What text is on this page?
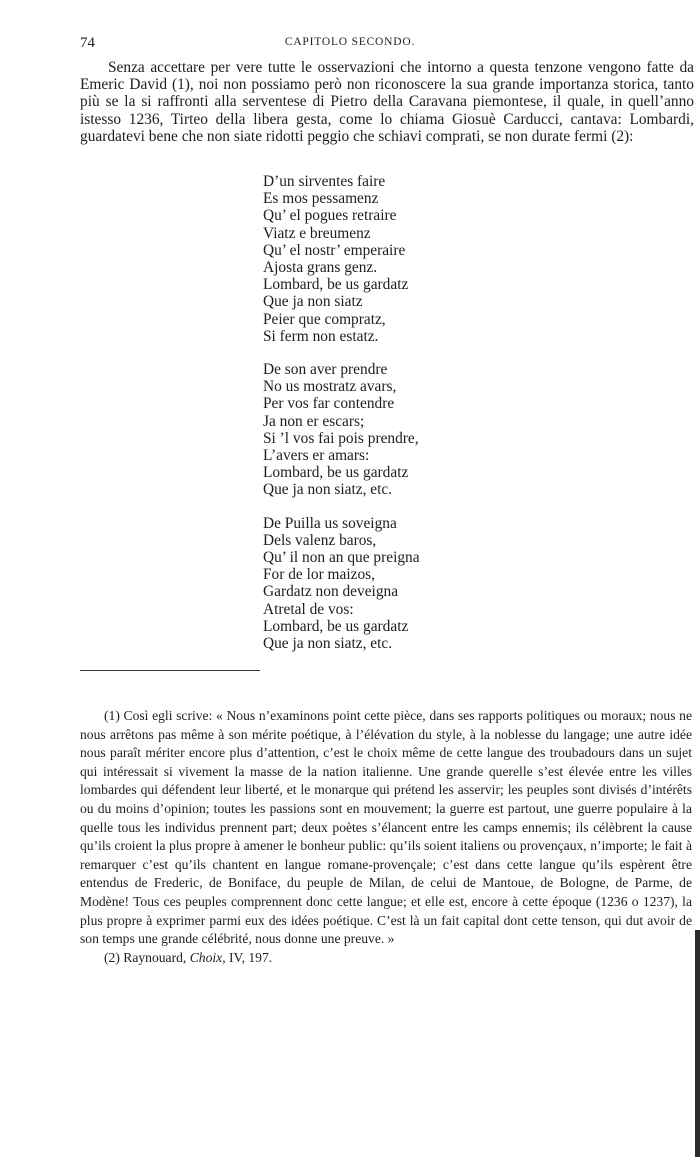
74	CAPITOLO SECONDO.

Senza accettare per vere tutte le osservazioni che intorno a questa tenzone vengono fatte da Emeric David (1), noi non possiamo però non riconoscere la sua grande importanza storica, tanto più se la si raffronti alla serventese di Pietro della Caravana piemontese, il quale, in quell’anno istesso 1236, Tirteo della libera gesta, come lo chiama Giosuè Carducci, cantava: Lombardi, guardatevi bene che non siate ridotti peggio che schiavi comprati, se non durate fermi (2):

D’un sirventes faire
Es mos pessamenz
Qu’ el pogues retraire
Viatz e breumenz
Qu’ el nostr’ emperaire
Ajosta grans genz.
Lombard, be us gardatz
Que ja non siatz
Peier que compratz,
Si ferm non estatz.
De son aver prendre
No us mostratz avars,
Per vos far contendre
Ja non er escars;
Si ’l vos fai pois prendre,
L’avers er amars:
Lombard, be us gardatz
Que ja non siatz, etc.
De Puilla us soveigna
Dels valenz baros,
Qu’ il non an que preigna
For de lor maizos,
Gardatz non deveigna
Atretal de vos:
Lombard, be us gardatz
Que ja non siatz, etc.

(1) Così egli scrive: « Nous n’examinons point cette pièce, dans ses rapports politiques ou moraux; nous ne nous arrêtons pas même à son mérite poétique, à l’élévation du style, à la noblesse du langage; une autre idée nous paraît mériter encore plus d’attention, c’est le choix même de cette langue des troubadours dans un sujet qui intéressait si vivement la masse de la nation italienne. Une grande querelle s’est élevée entre les villes lombardes qui défendent leur liberté, et le monarque qui prétend les asservir; les peuples sont divisés d’intérêts ou du moins d’opinion; toutes les passions sont en mouvement; la guerre est partout, une guerre populaire à la quelle tous les individus prennent part; deux poètes s’élancent entre les camps ennemis; ils célèbrent la cause qu’ils croient la plus propre à amener le bonheur public: qu’ils soient italiens ou provençaux, n’importe; le fait à remarquer c’est qu’ils chantent en langue romane-provençale; c’est dans cette langue qu’ils espèrent être entendus de Frederic, de Boniface, du peuple de Milan, de celui de Mantoue, de Bologne, de Parme, de Modène! Tous ces peuples comprennent donc cette langue; et elle est, encore à cette époque (1236 o 1237), la plus propre à exprimer parmi eux des idées poétique. C’est là un fait capital dont cette tenson, qui dut avoir de son temps une grande célébrité, nous donne une preuve. »

(2) Raynouard, Choix, IV, 197.
